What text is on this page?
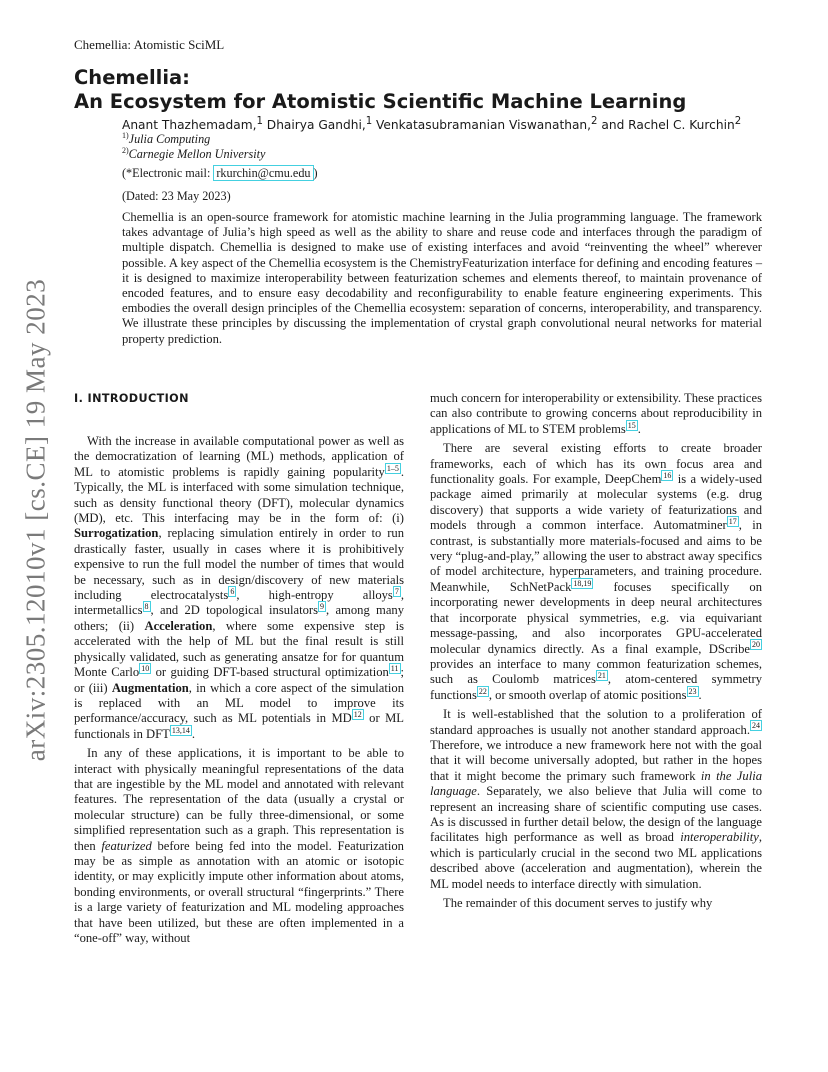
Chemellia: Atomistic SciML
arXiv:2305.12010v1 [cs.CE] 19 May 2023
Chemellia:
An Ecosystem for Atomistic Scientific Machine Learning
Anant Thazhemadam,$^1$ Dhairya Gandhi,$^1$ Venkatasubramanian Viswanathan,$^2$ and Rachel C. Kurchin$^2$
$^{1)}$Julia Computing
$^{2)}$Carnegie Mellon University
(*Electronic mail: rkurchin@cmu.edu )
(Dated: 23 May 2023)

Chemellia is an open-source framework for atomistic machine learning in the Julia programming language. The framework takes advantage of Julia’s high speed as well as the ability to share and reuse code and interfaces through the paradigm of multiple dispatch. Chemellia is designed to make use of existing interfaces and avoid “reinventing the wheel” wherever possible. A key aspect of the Chemellia ecosystem is the ChemistryFeaturization interface for defining and encoding features – it is designed to maximize interoperability between featurization schemes and elements thereof, to maintain provenance of encoded features, and to ensure easy decodability and reconfigurability to enable feature engineering experiments. This embodies the overall design principles of the Chemellia ecosystem: separation of concerns, interoperability, and transparency. We illustrate these principles by discussing the implementation of crystal graph convolutional neural networks for material property prediction.

I. INTRODUCTION

With the increase in available computational power as well as the democratization of learning (ML) methods, application of ML to atomistic problems is rapidly gaining popularity $^{1-5}$ . Typically, the ML is interfaced with some simulation technique, such as density functional theory (DFT), molecular dynamics (MD), etc. This interfacing may be in the form of: (i) Surrogatization, replacing simulation entirely in order to run drastically faster, usually in cases where it is prohibitively expensive to run the full model the number of times that would be necessary, such as in design/discovery of new materials including electrocatalysts $^6$ , high-entropy alloys $^7$ , intermetallics $^8$ , and 2D topological insulators $^9$ , among many others; (ii) Acceleration, where some expensive step is accelerated with the help of ML but the final result is still physically validated, such as generating ansatze for for quantum Monte Carlo $^{10}$ or guiding DFT-based structural optimization $^{11}$ ; or (iii) Augmentation, in which a core aspect of the simulation is replaced with an ML model to improve its performance/accuracy, such as ML potentials in MD $^{12}$ or ML functionals in DFT $^{13,14}$ .

In any of these applications, it is important to be able to interact with physically meaningful representations of the data that are ingestible by the ML model and annotated with relevant features. The representation of the data (usually a crystal or molecular structure) can be fully three-dimensional, or some simplified representation such as a graph. This representation is then featurized before being fed into the model. Featurization may be as simple as annotation with an atomic or isotopic identity, or may explicitly impute other information about atoms, bonding environments, or overall structural “fingerprints.” There is a large variety of featurization and ML modeling approaches that have been utilized, but these are often implemented in a “one-off” way, without

much concern for interoperability or extensibility. These practices can also contribute to growing concerns about reproducibility in applications of ML to STEM problems $^{15}$ .

There are several existing efforts to create broader frameworks, each of which has its own focus area and functionality goals. For example, DeepChem $^{16}$ is a widely-used package aimed primarily at molecular systems (e.g. drug discovery) that supports a wide variety of featurizations and models through a common interface. Automatminer $^{17}$ , in contrast, is substantially more materials-focused and aims to be very “plug-and-play,” allowing the user to abstract away specifics of model architecture, hyperparameters, and training procedure. Meanwhile, SchNetPack $^{18,19}$ focuses specifically on incorporating newer developments in deep neural architectures that incorporate physical symmetries, e.g. via equivariant message-passing, and also incorporates GPU-accelerated molecular dynamics directly. As a final example, DScribe $^{20}$ provides an interface to many common featurization schemes, such as Coulomb matrices $^{21}$ , atom-centered symmetry functions $^{22}$ , or smooth overlap of atomic positions $^{23}$ .

It is well-established that the solution to a proliferation of standard approaches is usually not another standard approach. $^{24}$ Therefore, we introduce a new framework here not with the goal that it will become universally adopted, but rather in the hopes that it might become the primary such framework in the Julia language. Separately, we also believe that Julia will come to represent an increasing share of scientific computing use cases. As is discussed in further detail below, the design of the language facilitates high performance as well as broad interoperability, which is particularly crucial in the second two ML applications described above (acceleration and augmentation), wherein the ML model needs to interface directly with simulation.

The remainder of this document serves to justify why
